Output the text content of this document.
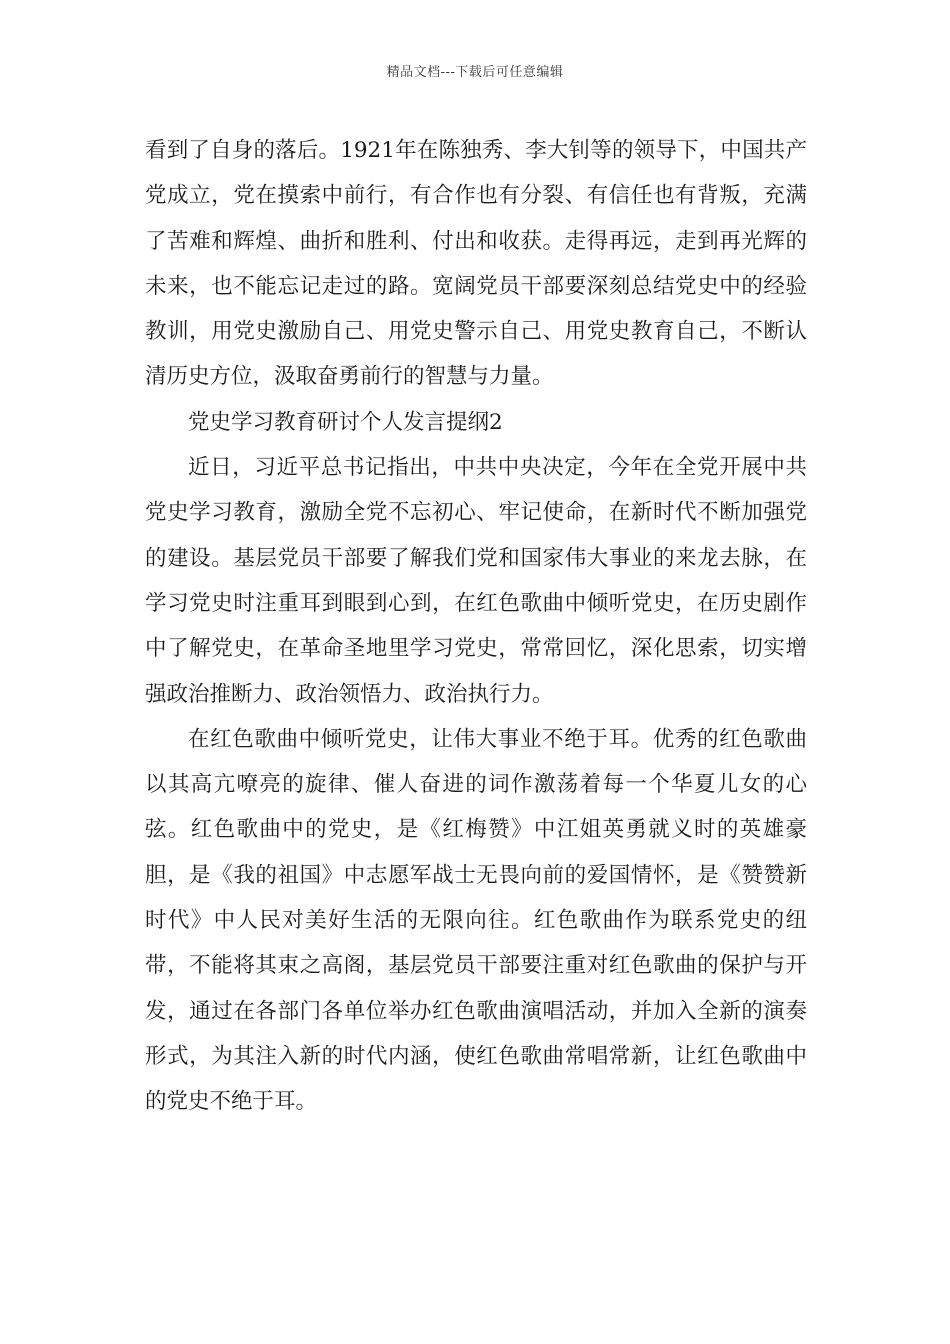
精品文档---下载后可任意编辑

看到了自身的落后。1921年在陈独秀、李大钊等的领导下，中国共产党成立，党在摸索中前行，有合作也有分裂、有信任也有背叛，充满了苦难和辉煌、曲折和胜利、付出和收获。走得再远，走到再光辉的未来，也不能忘记走过的路。宽阔党员干部要深刻总结党史中的经验教训，用党史激励自己、用党史警示自己、用党史教育自己，不断认清历史方位，汲取奋勇前行的智慧与力量。

党史学习教育研讨个人发言提纲2

近日，习近平总书记指出，中共中央决定，今年在全党开展中共党史学习教育，激励全党不忘初心、牢记使命，在新时代不断加强党的建设。基层党员干部要了解我们党和国家伟大事业的来龙去脉，在学习党史时注重耳到眼到心到，在红色歌曲中倾听党史，在历史剧作中了解党史，在革命圣地里学习党史，常常回忆，深化思索，切实增强政治推断力、政治领悟力、政治执行力。

在红色歌曲中倾听党史，让伟大事业不绝于耳。优秀的红色歌曲以其高亢嘹亮的旋律、催人奋进的词作激荡着每一个华夏儿女的心弦。红色歌曲中的党史，是《红梅赞》中江姐英勇就义时的英雄豪胆，是《我的祖国》中志愿军战士无畏向前的爱国情怀，是《赞赞新时代》中人民对美好生活的无限向往。红色歌曲作为联系党史的纽带，不能将其束之高阁，基层党员干部要注重对红色歌曲的保护与开发，通过在各部门各单位举办红色歌曲演唱活动，并加入全新的演奏形式，为其注入新的时代内涵，使红色歌曲常唱常新，让红色歌曲中的党史不绝于耳。
